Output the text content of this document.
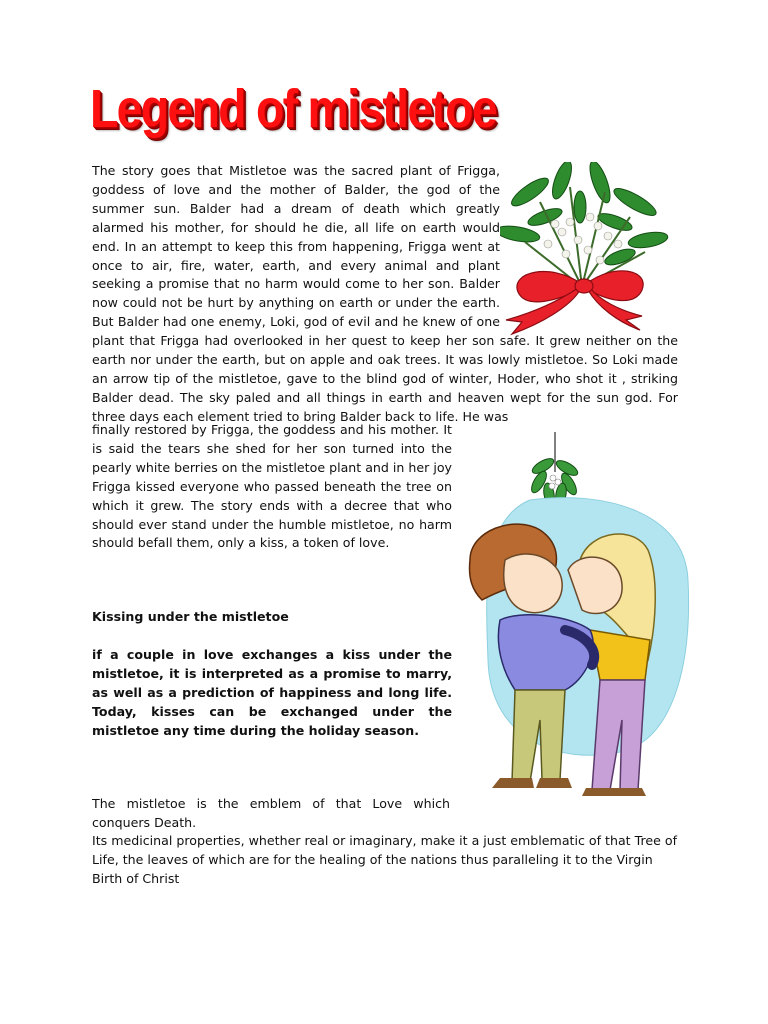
Legend of mistletoe

The story goes that Mistletoe was the sacred plant of Frigga, goddess of love and the mother of Balder, the god of the summer sun. Balder had a dream of death which greatly alarmed his mother, for should he die, all life on earth would end. In an attempt to keep this from happening, Frigga went at once to air, fire, water, earth, and every animal and plant seeking a promise that no harm would come to her son. Balder now could not be hurt by anything on earth or under the earth. But Balder had one enemy, Loki, god of evil and he knew of one plant that Frigga had overlooked in her quest to keep her son safe. It grew neither on the earth nor under the earth, but on apple and oak trees. It was lowly mistletoe. So Loki made an arrow tip of the mistletoe, gave to the blind god of winter, Hoder, who shot it , striking Balder dead. The sky paled and all things in earth and heaven wept for the sun god. For three days each element tried to bring Balder back to life. He was

finally restored by Frigga, the goddess and his mother. It is said the tears she shed for her son turned into the pearly white berries on the mistletoe plant and in her joy Frigga kissed everyone who passed beneath the tree on which it grew. The story ends with a decree that who should ever stand under the humble mistletoe, no harm should befall them, only a kiss, a token of love.

Kissing under the mistletoe

if a couple in love exchanges a kiss under the mistletoe, it is interpreted as a promise to marry, as well as a prediction of happiness and long life. Today, kisses can be exchanged under the mistletoe any time during the holiday season.

The mistletoe is the emblem of that Love which conquers Death.

Its medicinal properties, whether real or imaginary, make it a just emblematic of that Tree of Life, the leaves of which are for the healing of the nations thus paralleling it to the Virgin Birth of Christ
